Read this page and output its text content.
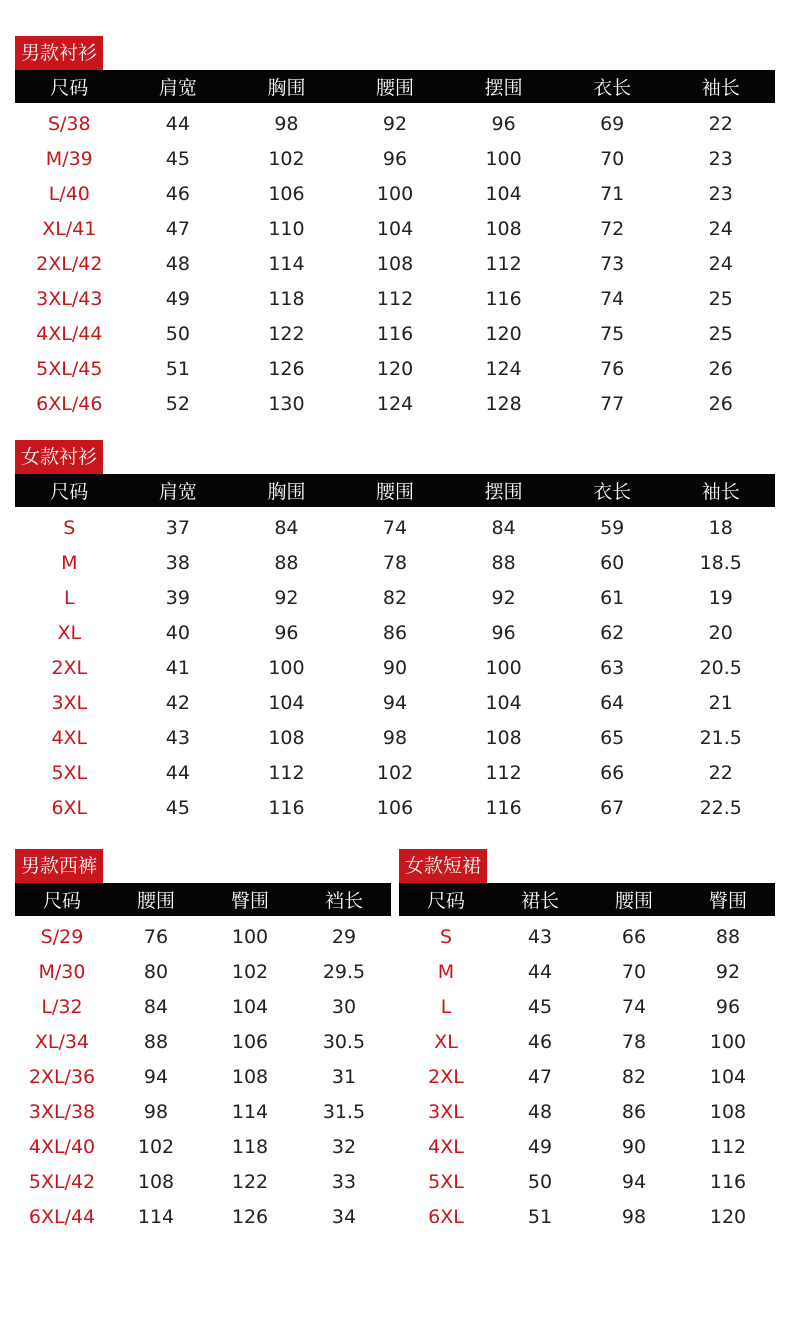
男款衬衫
尺码	肩宽	胸围	腰围	摆围	衣长	袖长
S/38	44	98	92	96	69	22
M/39	45	102	96	100	70	23
L/40	46	106	100	104	71	23
XL/41	47	110	104	108	72	24
2XL/42	48	114	108	112	73	24
3XL/43	49	118	112	116	74	25
4XL/44	50	122	116	120	75	25
5XL/45	51	126	120	124	76	26
6XL/46	52	130	124	128	77	26
女款衬衫
尺码	肩宽	胸围	腰围	摆围	衣长	袖长
S	37	84	74	84	59	18
M	38	88	78	88	60	18.5
L	39	92	82	92	61	19
XL	40	96	86	96	62	20
2XL	41	100	90	100	63	20.5
3XL	42	104	94	104	64	21
4XL	43	108	98	108	65	21.5
5XL	44	112	102	112	66	22
6XL	45	116	106	116	67	22.5
男款西裤
尺码	腰围	臀围	裆长
S/29	76	100	29
M/30	80	102	29.5
L/32	84	104	30
XL/34	88	106	30.5
2XL/36	94	108	31
3XL/38	98	114	31.5
4XL/40	102	118	32
5XL/42	108	122	33
6XL/44	114	126	34
女款短裙
尺码	裙长	腰围	臀围
S	43	66	88
M	44	70	92
L	45	74	96
XL	46	78	100
2XL	47	82	104
3XL	48	86	108
4XL	49	90	112
5XL	50	94	116
6XL	51	98	120
